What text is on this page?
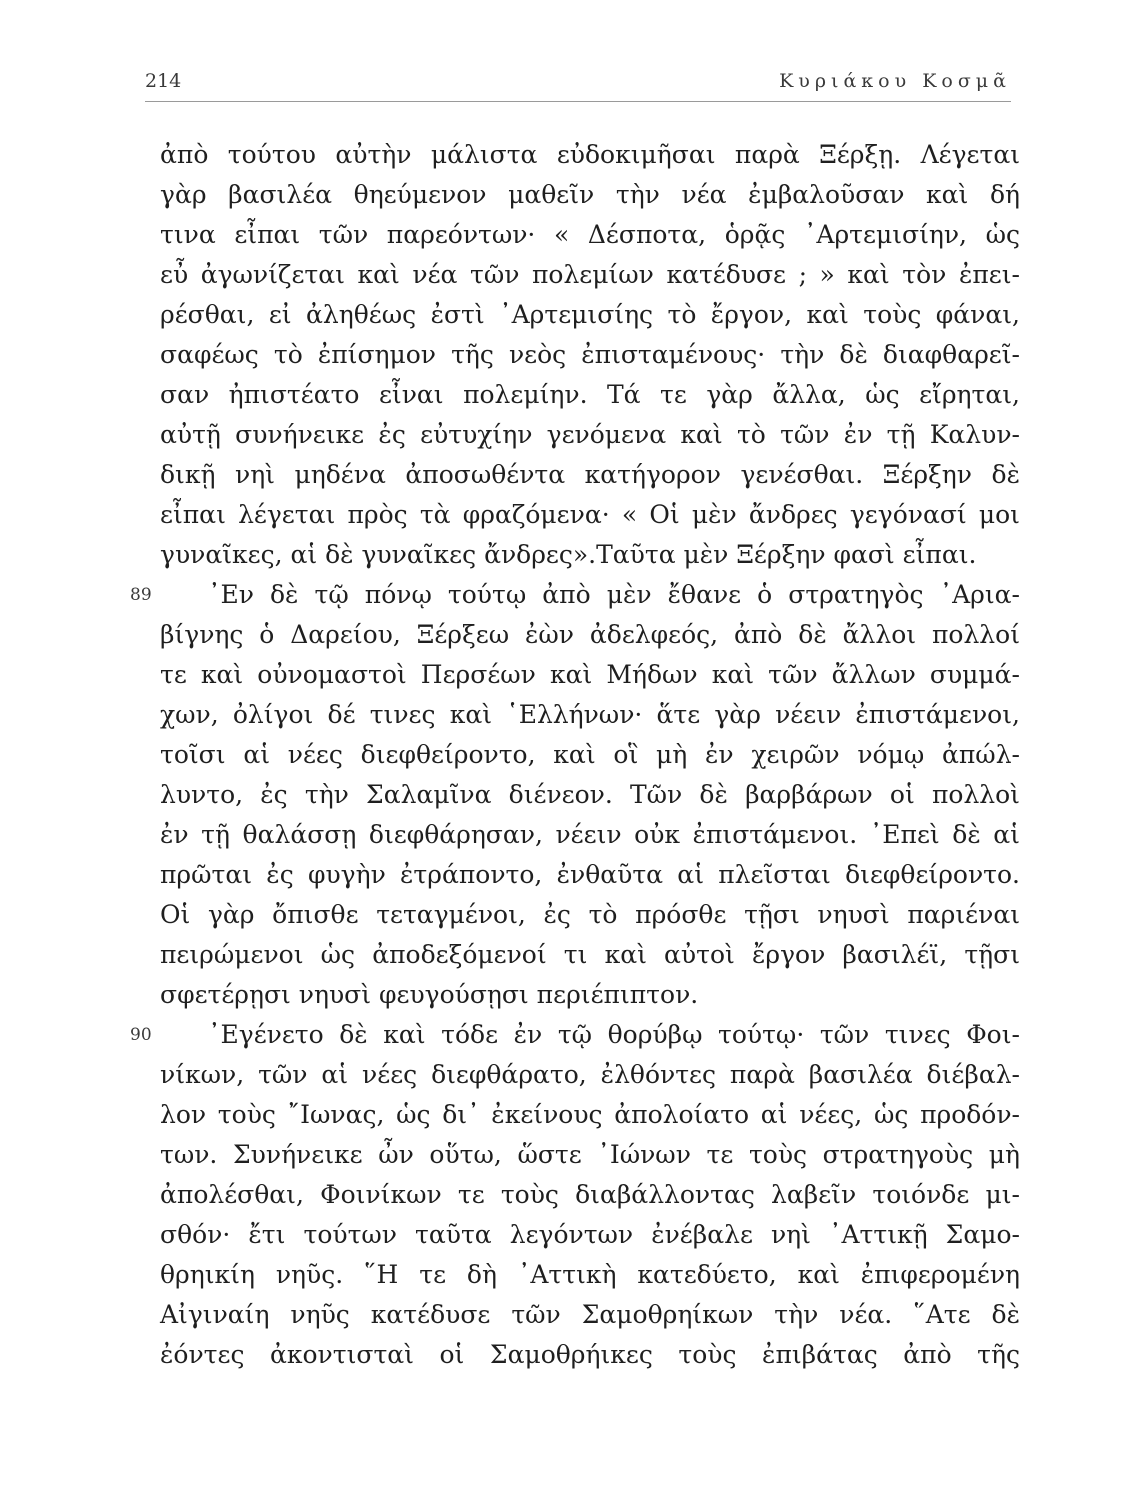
214	Κυριάκου Κοσμᾶ
ἀπὸ τούτου αὐτὴν μάλιστα εὐδοκιμῆσαι παρὰ Ξέρξῃ. Λέγεται
γὰρ βασιλέα θηεύμενον μαθεῖν τὴν νέα ἐμβαλοῦσαν καὶ δή
τινα εἶπαι τῶν παρεόντων· « Δέσποτα, ὁρᾷς ᾿Αρτεμισίην, ὡς
εὖ ἀγωνίζεται καὶ νέα τῶν πολεμίων κατέδυσε ; » καὶ τὸν ἐπει-
ρέσθαι, εἰ ἀληθέως ἐστὶ ᾿Αρτεμισίης τὸ ἔργον, καὶ τοὺς φάναι,
σαφέως τὸ ἐπίσημον τῆς νεὸς ἐπισταμένους· τὴν δὲ διαφθαρεῖ-
σαν ἠπιστέατο εἶναι πολεμίην. Τά τε γὰρ ἄλλα, ὡς εἴρηται,
αὐτῇ συνήνεικε ἐς εὐτυχίην γενόμενα καὶ τὸ τῶν ἐν τῇ Καλυν-
δικῇ νηὶ μηδένα ἀποσωθέντα κατήγορον γενέσθαι. Ξέρξην δὲ
εἶπαι λέγεται πρὸς τὰ φραζόμενα· « Οἱ μὲν ἄνδρες γεγόνασί μοι
γυναῖκες, αἱ δὲ γυναῖκες ἄνδρες».Ταῦτα μὲν Ξέρξην φασὶ εἶπαι.
89 ᾿Εν δὲ τῷ πόνῳ τούτῳ ἀπὸ μὲν ἔθανε ὁ στρατηγὸς ᾿Αρια-
βίγνης ὁ Δαρείου, Ξέρξεω ἐὼν ἀδελφεός, ἀπὸ δὲ ἄλλοι πολλοί
τε καὶ οὐνομαστοὶ Περσέων καὶ Μήδων καὶ τῶν ἄλλων συμμά-
χων, ὀλίγοι δέ τινες καὶ ῾Ελλήνων· ἅτε γὰρ νέειν ἐπιστάμενοι,
τοῖσι αἱ νέες διεφθείροντο, καὶ οἳ μὴ ἐν χειρῶν νόμῳ ἀπώλ-
λυντο, ἐς τὴν Σαλαμῖνα διένεον. Τῶν δὲ βαρβάρων οἱ πολλοὶ
ἐν τῇ θαλάσσῃ διεφθάρησαν, νέειν οὐκ ἐπιστάμενοι. ᾿Επεὶ δὲ αἱ
πρῶται ἐς φυγὴν ἐτράποντο, ἐνθαῦτα αἱ πλεῖσται διεφθείροντο.
Οἱ γὰρ ὄπισθε τεταγμένοι, ἐς τὸ πρόσθε τῇσι νηυσὶ παριέναι
πειρώμενοι ὡς ἀποδεξόμενοί τι καὶ αὐτοὶ ἔργον βασιλέϊ, τῇσι
σφετέρῃσι νηυσὶ φευγούσῃσι περιέπιπτον.
90 ᾿Εγένετο δὲ καὶ τόδε ἐν τῷ θορύβῳ τούτῳ· τῶν τινες Φοι-
νίκων, τῶν αἱ νέες διεφθάρατο, ἐλθόντες παρὰ βασιλέα διέβαλ-
λον τοὺς ῎Ιωνας, ὡς δι᾿ ἐκείνους ἀπολοίατο αἱ νέες, ὡς προδόν-
των. Συνήνεικε ὦν οὕτω, ὥστε ᾿Ιώνων τε τοὺς στρατηγοὺς μὴ
ἀπολέσθαι, Φοινίκων τε τοὺς διαβάλλοντας λαβεῖν τοιόνδε μι-
σθόν· ἔτι τούτων ταῦτα λεγόντων ἐνέβαλε νηὶ ᾿Αττικῇ Σαμο-
θρηικίη νηῦς. ῞Η τε δὴ ᾿Αττικὴ κατεδύετο, καὶ ἐπιφερομένη
Αἰγιναίη νηῦς κατέδυσε τῶν Σαμοθρηίκων τὴν νέα. ῞Ατε δὲ
ἐόντες ἀκοντισταὶ οἱ Σαμοθρήικες τοὺς ἐπιβάτας ἀπὸ τῆς
